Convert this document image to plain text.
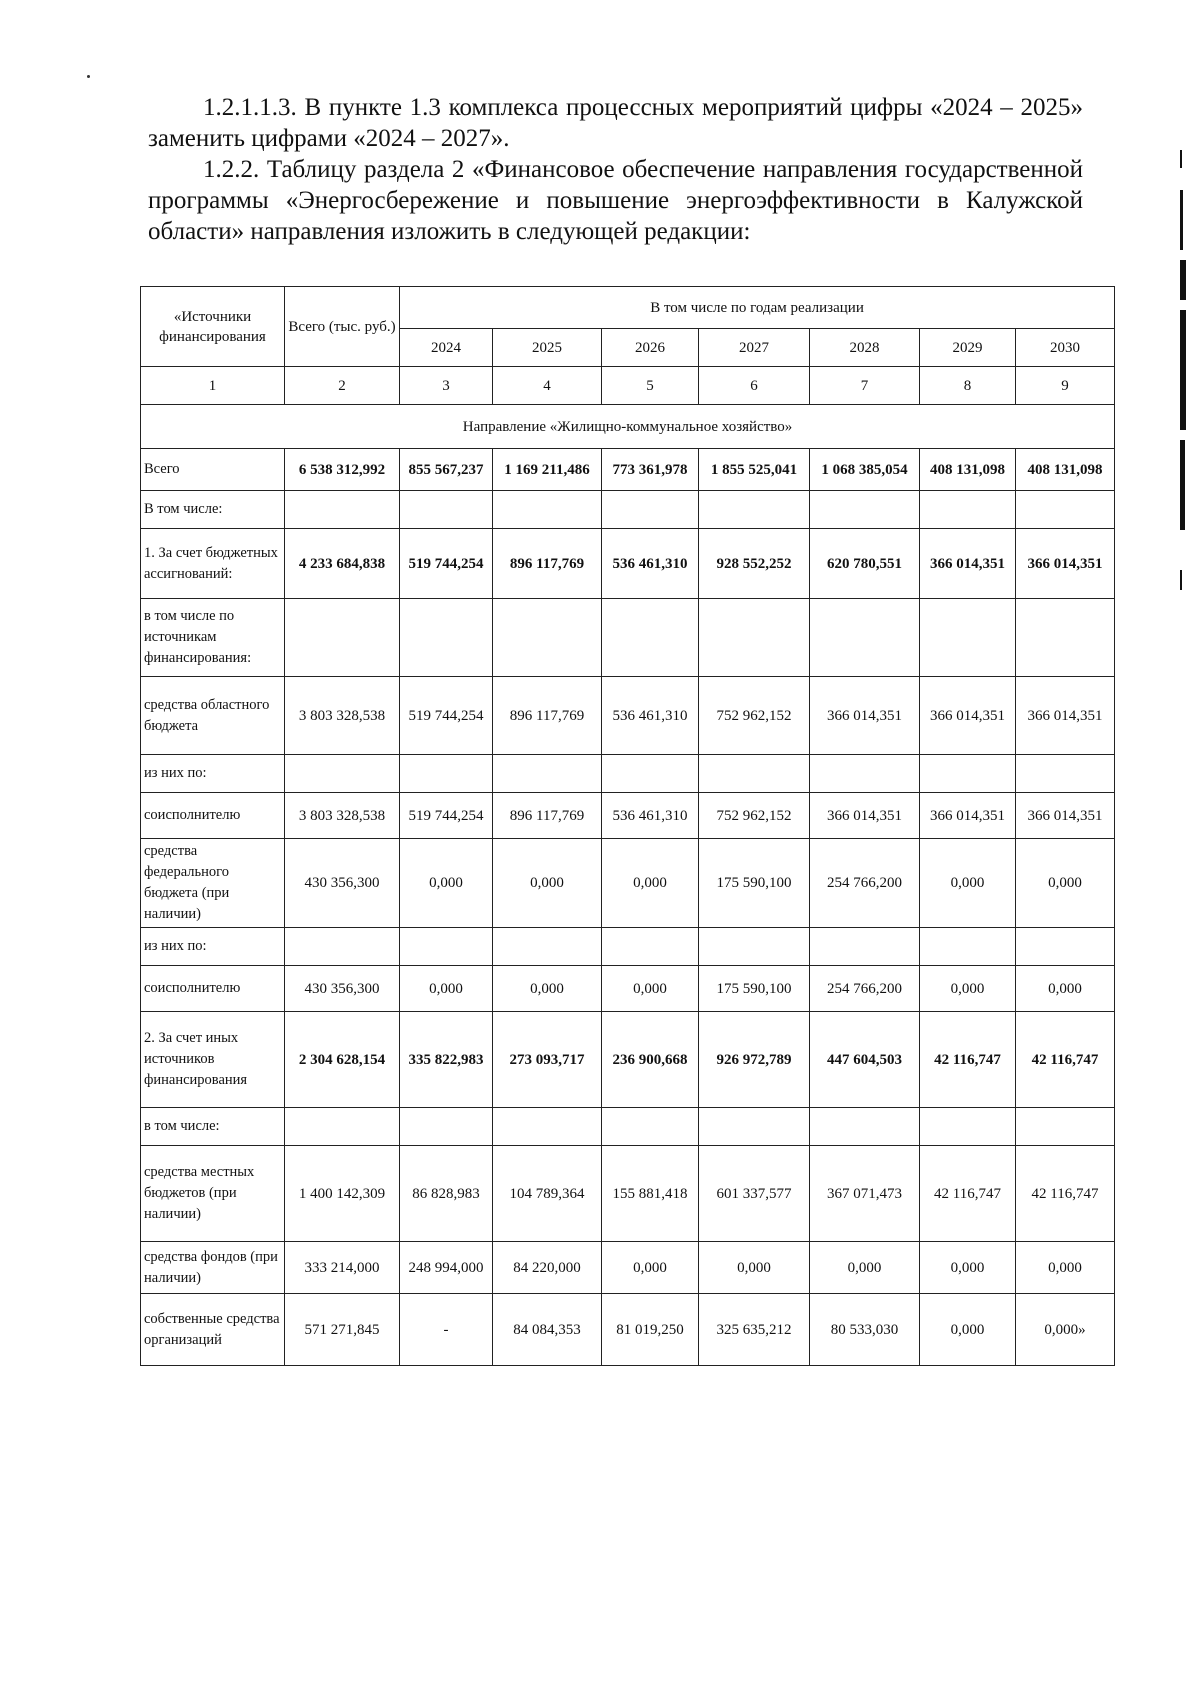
1.2.1.1.3. В пункте 1.3 комплекса процессных мероприятий цифры «2024 – 2025» заменить цифрами «2024 – 2027».

1.2.2. Таблицу раздела 2 «Финансовое обеспечение направления государственной программы «Энергосбережение и повышение энергоэффективности в Калужской области» направления изложить в следующей редакции:

«Источники финансирования	Всего (тыс. руб.)	В том числе по годам реализации						
		2024	2025	2026	2027	2028	2029	2030
1	2	3	4	5	6	7	8	9
Направление «Жилищно-коммунальное хозяйство»								
Всего	6 538 312,992	855 567,237	1 169 211,486	773 361,978	1 855 525,041	1 068 385,054	408 131,098	408 131,098
В том числе:								
1. За счет бюджетных ассигнований:	4 233 684,838	519 744,254	896 117,769	536 461,310	928 552,252	620 780,551	366 014,351	366 014,351
в том числе по источникам финансирования:								
средства областного бюджета	3 803 328,538	519 744,254	896 117,769	536 461,310	752 962,152	366 014,351	366 014,351	366 014,351
из них по:								
соисполнителю	3 803 328,538	519 744,254	896 117,769	536 461,310	752 962,152	366 014,351	366 014,351	366 014,351
средства федерального бюджета (при наличии)	430 356,300	0,000	0,000	0,000	175 590,100	254 766,200	0,000	0,000
из них по:								
соисполнителю	430 356,300	0,000	0,000	0,000	175 590,100	254 766,200	0,000	0,000
2. За счет иных источников финансирования	2 304 628,154	335 822,983	273 093,717	236 900,668	926 972,789	447 604,503	42 116,747	42 116,747
в том числе:								
средства местных бюджетов (при наличии)	1 400 142,309	86 828,983	104 789,364	155 881,418	601 337,577	367 071,473	42 116,747	42 116,747
средства фондов (при наличии)	333 214,000	248 994,000	84 220,000	0,000	0,000	0,000	0,000	0,000
собственные средства организаций	571 271,845	-	84 084,353	81 019,250	325 635,212	80 533,030	0,000	0,000»
